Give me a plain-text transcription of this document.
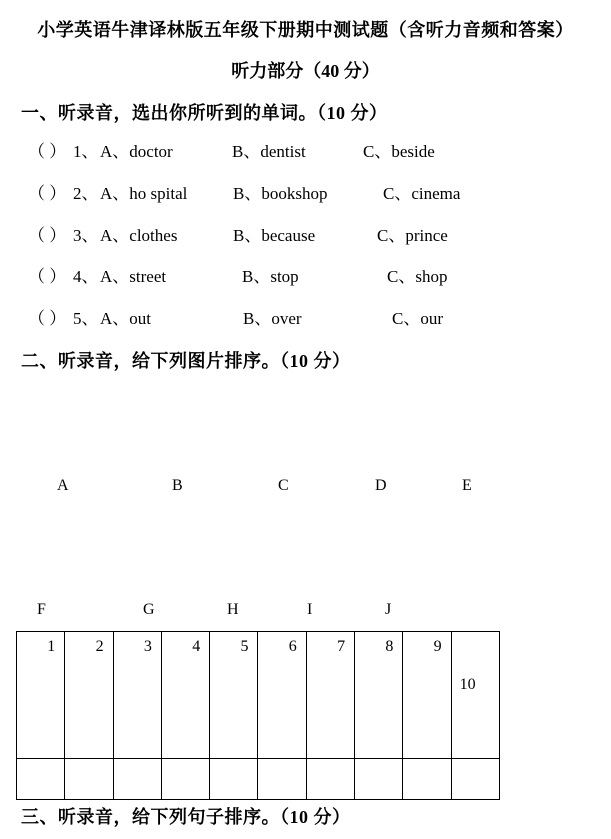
小学英语牛津译林版五年级下册期中测试题（含听力音频和答案）
听力部分（40 分）
一、听录音，选出你所听到的单词。（10 分）
（ ） 1、 A、doctor	B、dentist	C、beside
（ ） 2、 A、ho spital	B、bookshop	C、cinema
（ ） 3、 A、clothes	B、because	C、prince
（ ） 4、 A、street	B、stop	C、shop
（ ） 5、 A、out	B、over	C、our
二、听录音，给下列图片排序。（10 分）
A	B	C	D	E
F	G	H	I	J
1	2	3	4	5	6	7	8	9	10

三、听录音，给下列句子排序。（10 分）
